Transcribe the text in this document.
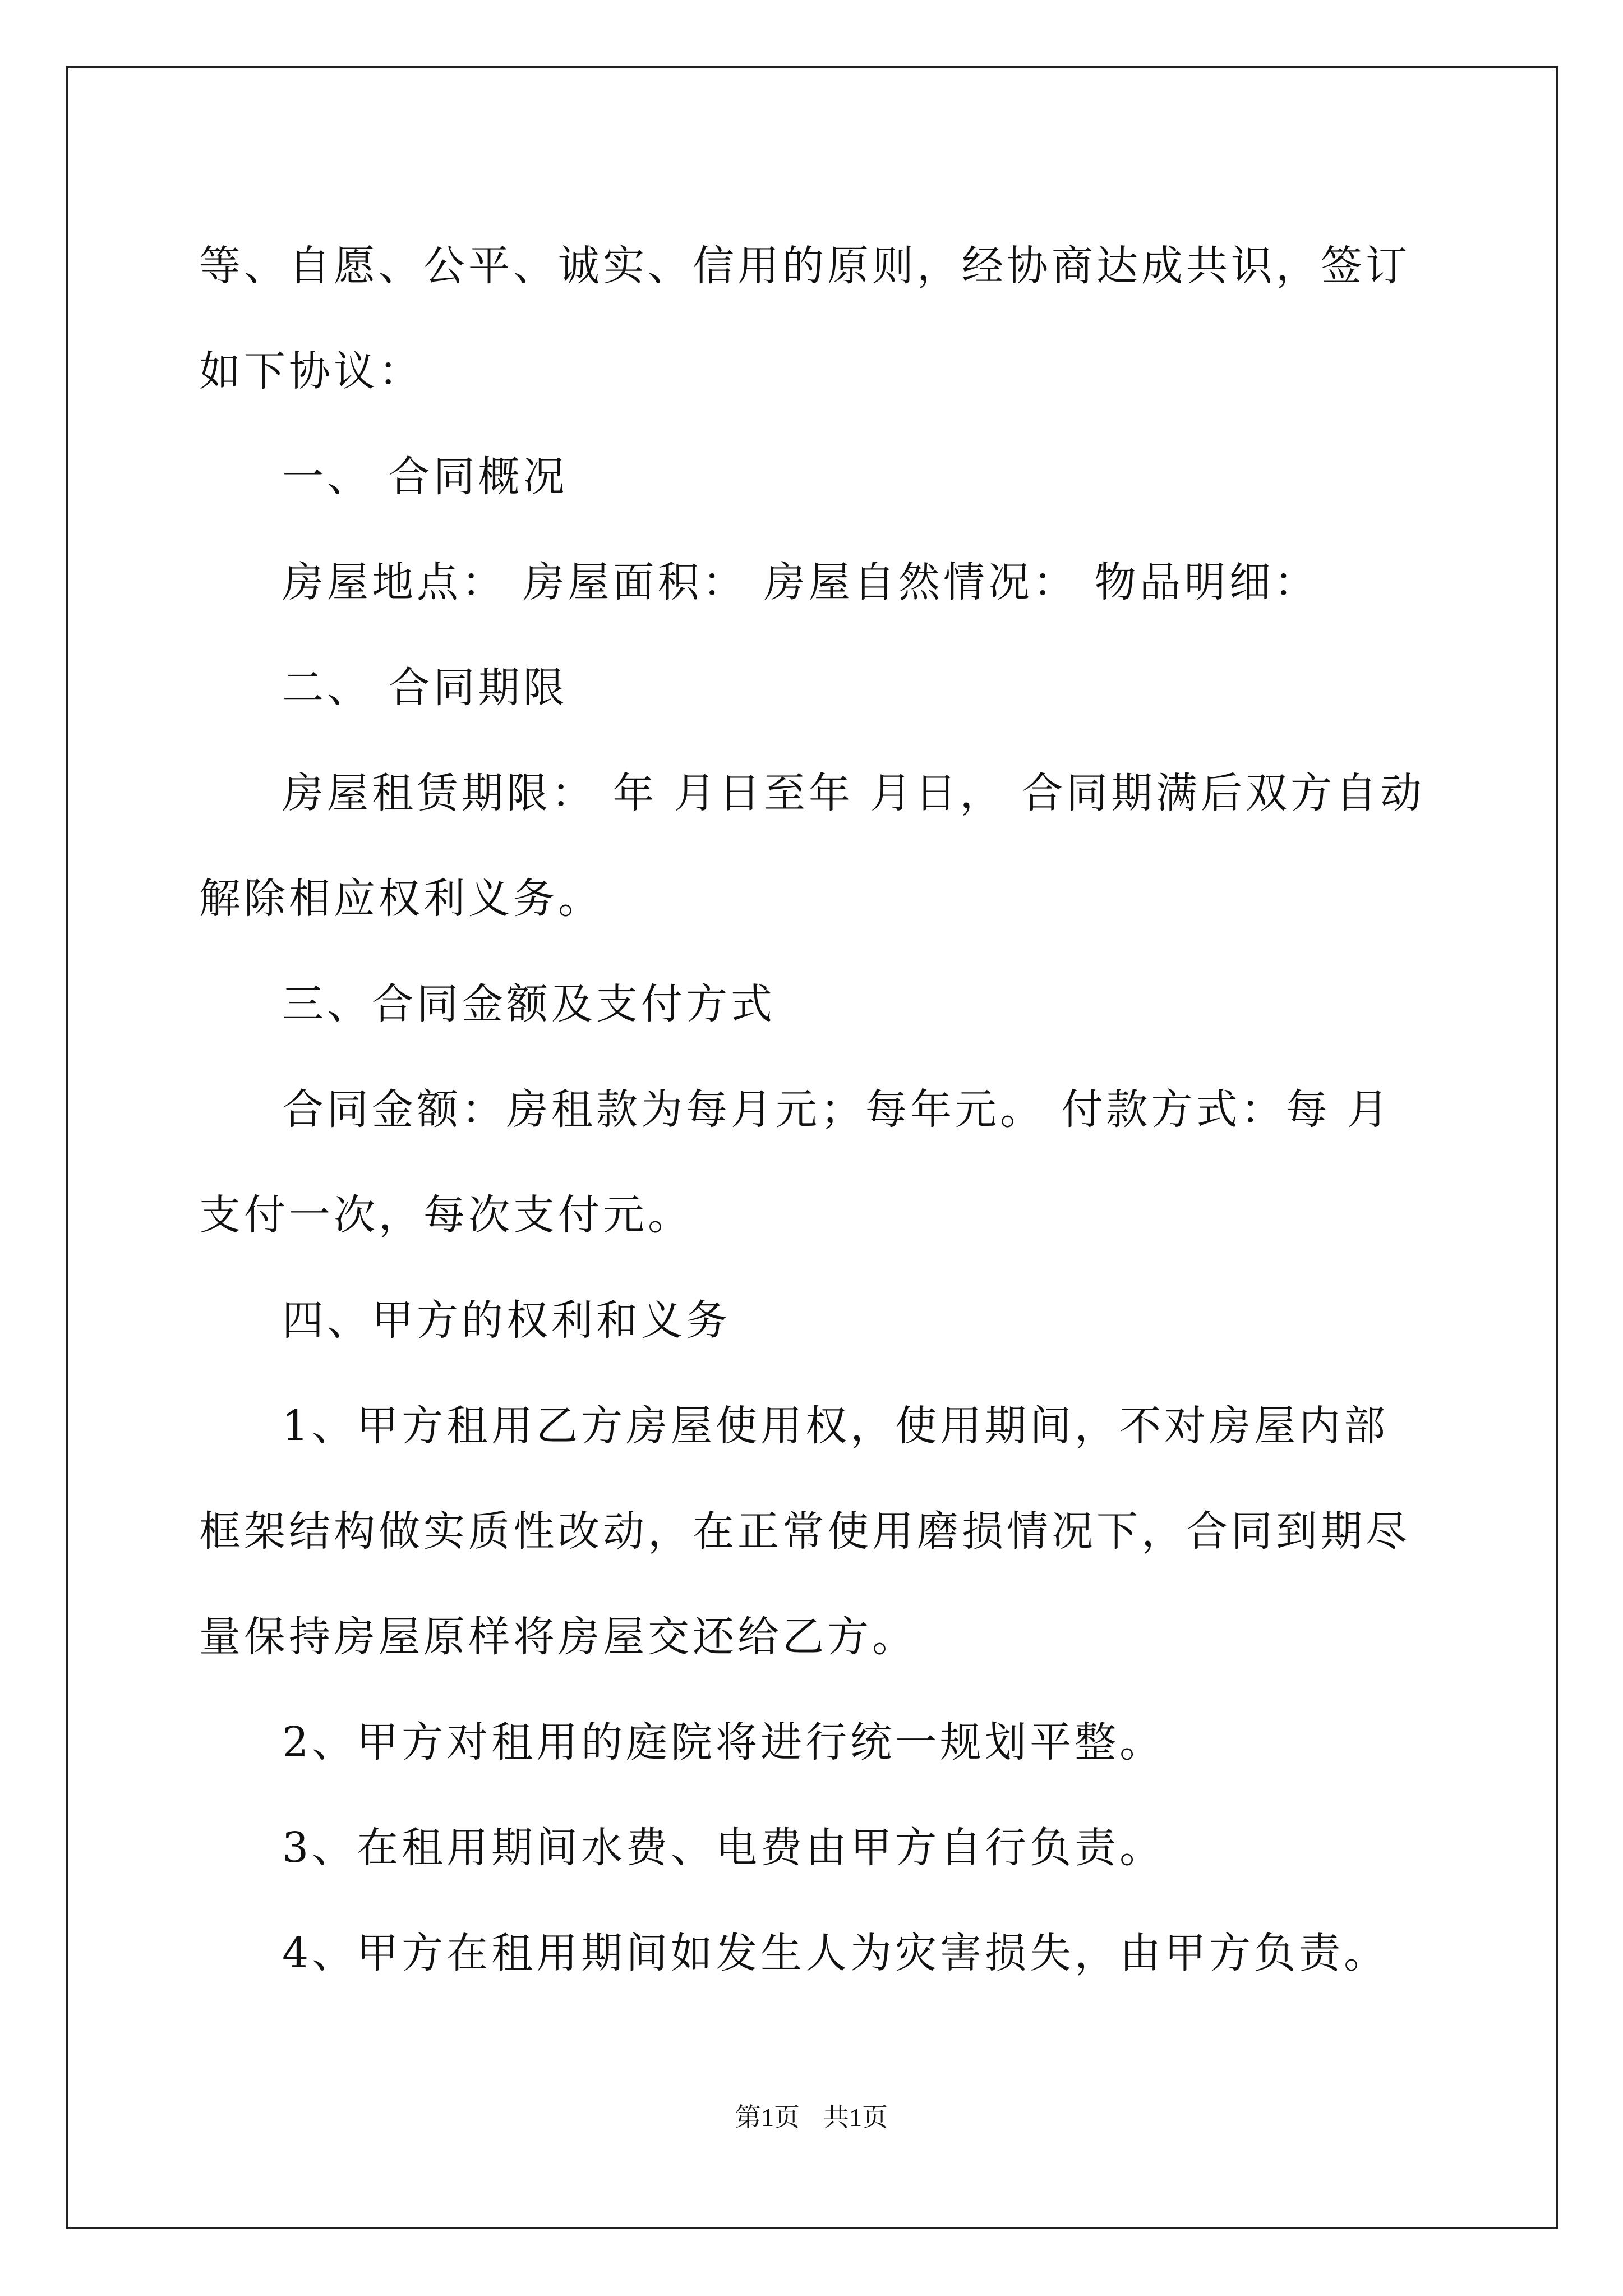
等、自愿、公平、诚实、信用的原则，经协商达成共识，签订如下协议：

一、 合同概况

房屋地点： 房屋面积： 房屋自然情况： 物品明细：

二、 合同期限

房屋租赁期限： 年 月日至年 月日， 合同期满后双方自动解除相应权利义务。

三、合同金额及支付方式

合同金额：房租款为每月元；每年元。 付款方式：每 月支付一次，每次支付元。

四、甲方的权利和义务

1、甲方租用乙方房屋使用权，使用期间，不对房屋内部框架结构做实质性改动，在正常使用磨损情况下，合同到期尽量保持房屋原样将房屋交还给乙方。

2、甲方对租用的庭院将进行统一规划平整。

3、在租用期间水费、电费由甲方自行负责。

4、甲方在租用期间如发生人为灾害损失，由甲方负责。

第1页 共1页
